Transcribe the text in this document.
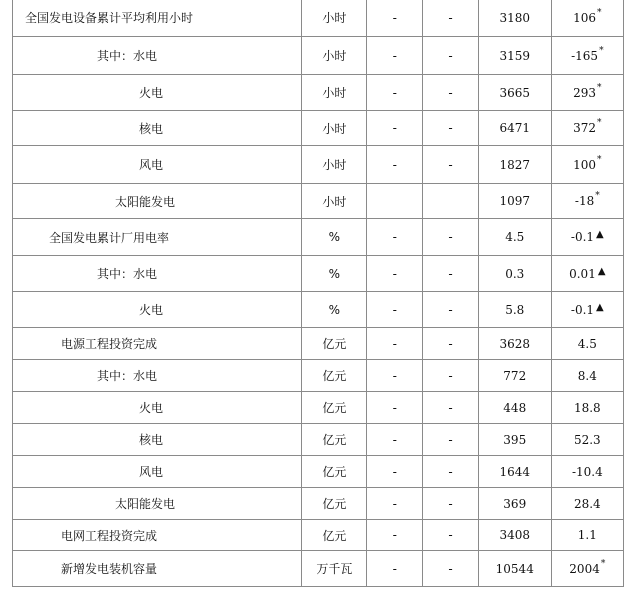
全国发电设备累计平均利用小时	小时	-	-	3180	106*
其中：水电	小时	-	-	3159	-165*
火电	小时	-	-	3665	293*
核电	小时	-	-	6471	372*
风电	小时	-	-	1827	100*
太阳能发电	小时			1097	-18*
全国发电累计厂用电率	%	-	-	4.5	-0.1 ▲
其中：水电	%	-	-	0.3	0.01 ▲
火电	%	-	-	5.8	-0.1 ▲
电源工程投资完成	亿元	-	-	3628	4.5
其中：水电	亿元	-	-	772	8.4
火电	亿元	-	-	448	18.8
核电	亿元	-	-	395	52.3
风电	亿元	-	-	1644	-10.4
太阳能发电	亿元	-	-	369	28.4
电网工程投资完成	亿元	-	-	3408	1.1
新增发电装机容量	万千瓦	-	-	10544	2004*
